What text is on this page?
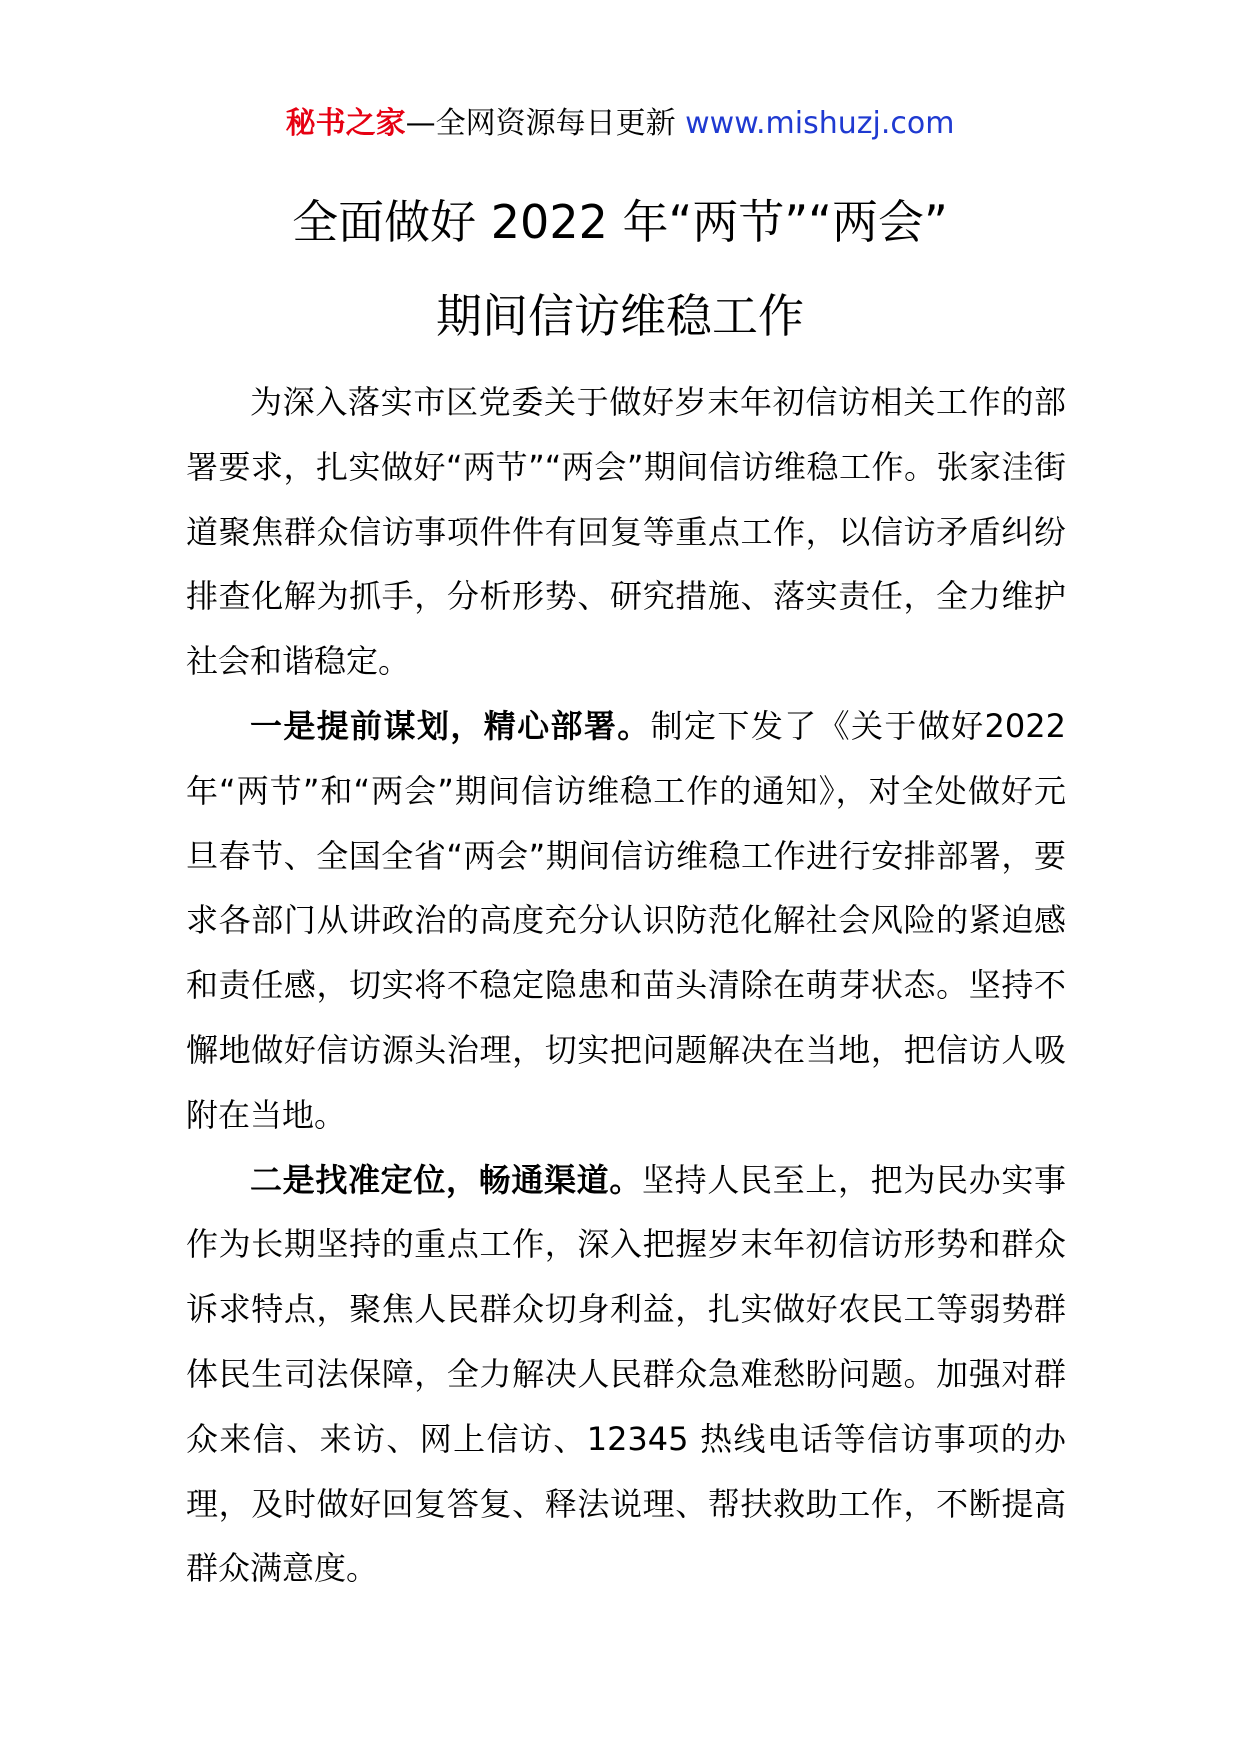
秘书之家—全网资源每日更新 www.mishuzj.com
全面做好 2022 年“两节”“两会”
期间信访维稳工作

为深入落实市区党委关于做好岁末年初信访相关工作的部署要求，扎实做好“两节”“两会”期间信访维稳工作。张家洼街道聚焦群众信访事项件件有回复等重点工作，以信访矛盾纠纷排查化解为抓手，分析形势、研究措施、落实责任，全力维护社会和谐稳定。

一是提前谋划，精心部署。制定下发了《关于做好2022 年“两节”和“两会”期间信访维稳工作的通知》，对全处做好元旦春节、全国全省“两会”期间信访维稳工作进行安排部署，要求各部门从讲政治的高度充分认识防范化解社会风险的紧迫感和责任感，切实将不稳定隐患和苗头清除在萌芽状态。坚持不懈地做好信访源头治理，切实把问题解决在当地，把信访人吸附在当地。

二是找准定位，畅通渠道。坚持人民至上，把为民办实事作为长期坚持的重点工作，深入把握岁末年初信访形势和群众诉求特点，聚焦人民群众切身利益，扎实做好农民工等弱势群体民生司法保障，全力解决人民群众急难愁盼问题。加强对群众来信、来访、网上信访、12345 热线电话等信访事项的办理，及时做好回复答复、释法说理、帮扶救助工作，不断提高群众满意度。
